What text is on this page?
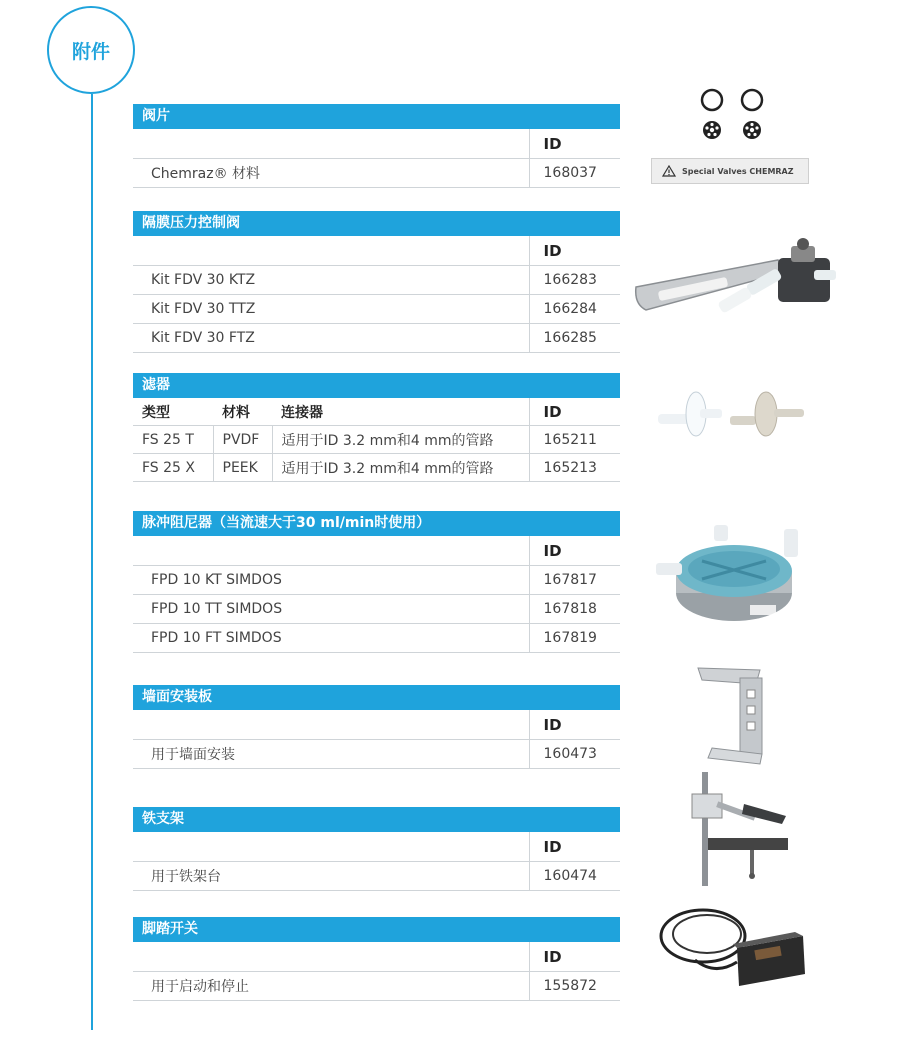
附件
阀片
	ID
Chemraz® 材料	168037
隔膜压力控制阀
	ID
Kit FDV 30 KTZ	166283
Kit FDV 30 TTZ	166284
Kit FDV 30 FTZ	166285
滤器
类型	材料	连接器	ID
FS 25 T	PVDF	适用于ID 3.2 mm和4 mm的管路	165211
FS 25 X	PEEK	适用于ID 3.2 mm和4 mm的管路	165213
脉冲阻尼器（当流速大于30 ml/min时使用）
	ID
FPD 10 KT SIMDOS	167817
FPD 10 TT SIMDOS	167818
FPD 10 FT SIMDOS	167819
墙面安装板
	ID
用于墙面安装	160473
铁支架
	ID
用于铁架台	160474
脚踏开关
	ID
用于启动和停止	155872
Special Valves CHEMRAZ
